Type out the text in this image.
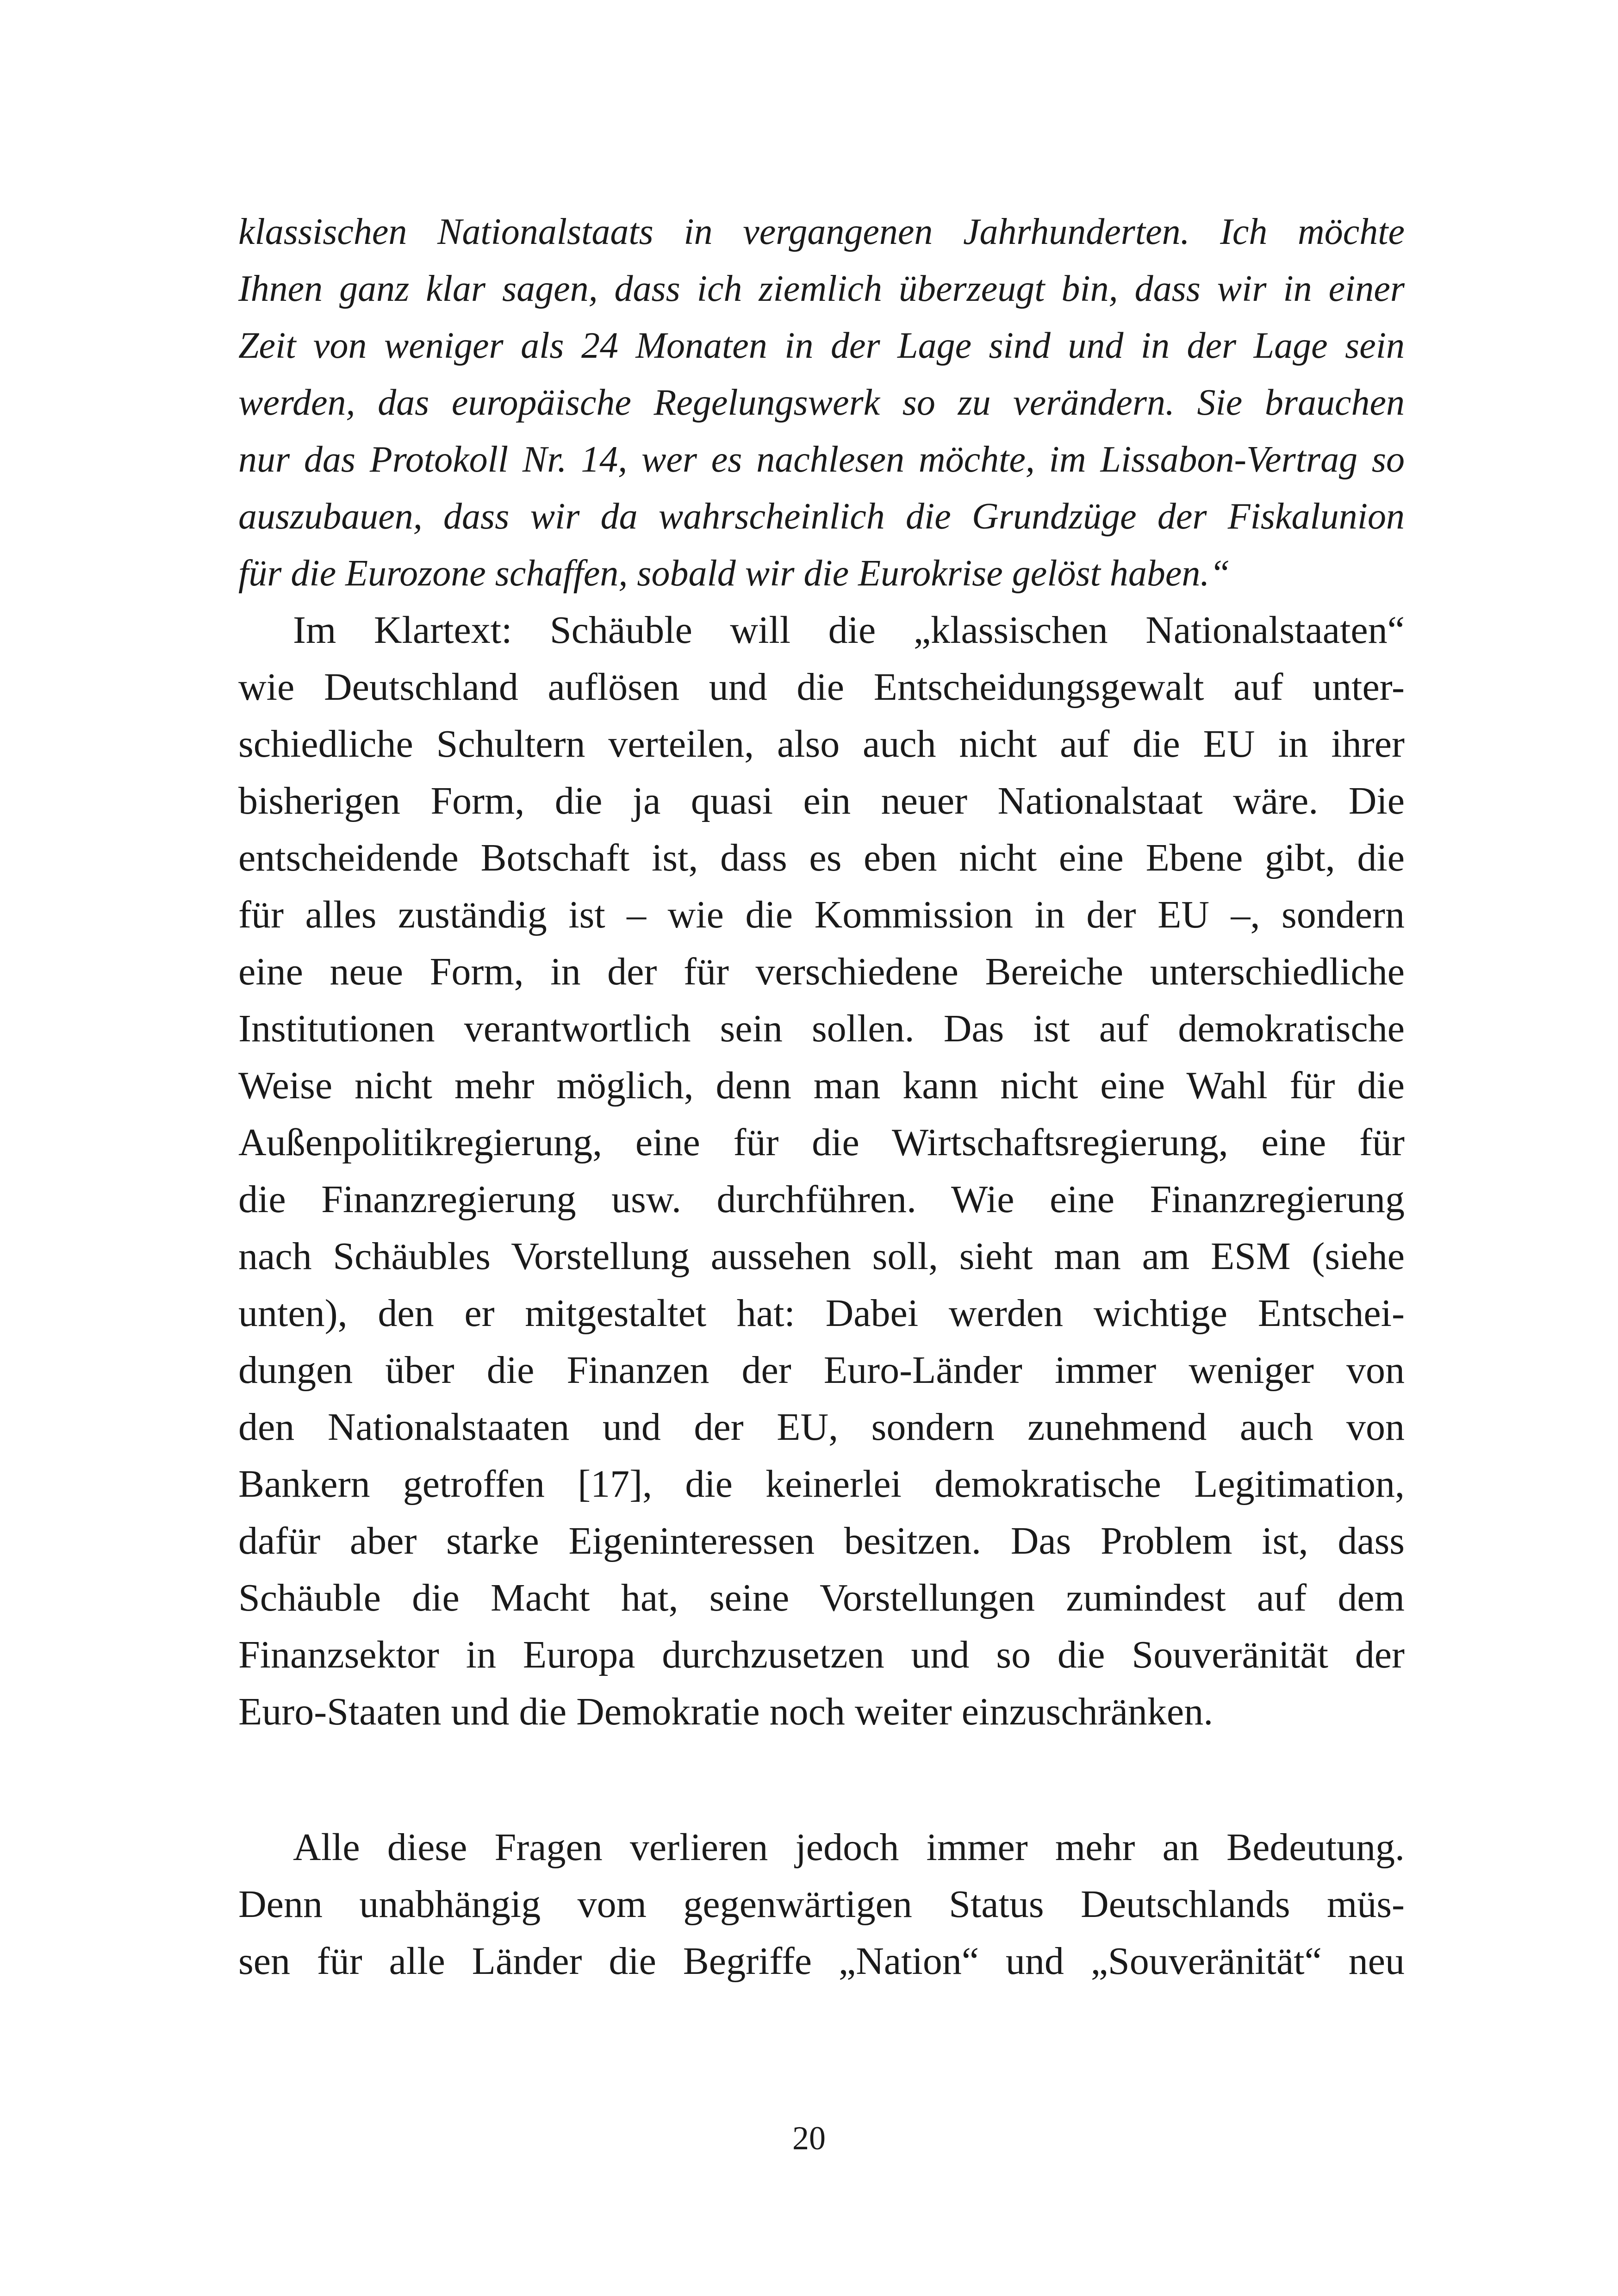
klassischen Nationalstaats in vergangenen Jahrhunderten. Ich möchte
Ihnen ganz klar sagen, dass ich ziemlich überzeugt bin, dass wir in einer
Zeit von weniger als 24 Monaten in der Lage sind und in der Lage sein
werden, das europäische Regelungswerk so zu verändern. Sie brauchen
nur das Protokoll Nr. 14, wer es nachlesen möchte, im Lissabon-Vertrag so
auszubauen, dass wir da wahrscheinlich die Grundzüge der Fiskalunion
für die Eurozone schaffen, sobald wir die Eurokrise gelöst haben.“
Im Klartext: Schäuble will die „klassischen Nationalstaaten“
wie Deutschland auflösen und die Entscheidungsgewalt auf unter-
schiedliche Schultern verteilen, also auch nicht auf die EU in ihrer
bisherigen Form, die ja quasi ein neuer Nationalstaat wäre. Die
entscheidende Botschaft ist, dass es eben nicht eine Ebene gibt, die
für alles zuständig ist – wie die Kommission in der EU –, sondern
eine neue Form, in der für verschiedene Bereiche unterschiedliche
Institutionen verantwortlich sein sollen. Das ist auf demokratische
Weise nicht mehr möglich, denn man kann nicht eine Wahl für die
Außenpolitikregierung, eine für die Wirtschaftsregierung, eine für
die Finanzregierung usw. durchführen. Wie eine Finanzregierung
nach Schäubles Vorstellung aussehen soll, sieht man am ESM (siehe
unten), den er mitgestaltet hat: Dabei werden wichtige Entschei-
dungen über die Finanzen der Euro-Länder immer weniger von
den Nationalstaaten und der EU, sondern zunehmend auch von
Bankern getroffen [17], die keinerlei demokratische Legitimation,
dafür aber starke Eigeninteressen besitzen. Das Problem ist, dass
Schäuble die Macht hat, seine Vorstellungen zumindest auf dem
Finanzsektor in Europa durchzusetzen und so die Souveränität der
Euro-Staaten und die Demokratie noch weiter einzuschränken.
Alle diese Fragen verlieren jedoch immer mehr an Bedeutung.
Denn unabhängig vom gegenwärtigen Status Deutschlands müs-
sen für alle Länder die Begriffe „Nation“ und „Souveränität“ neu
20
